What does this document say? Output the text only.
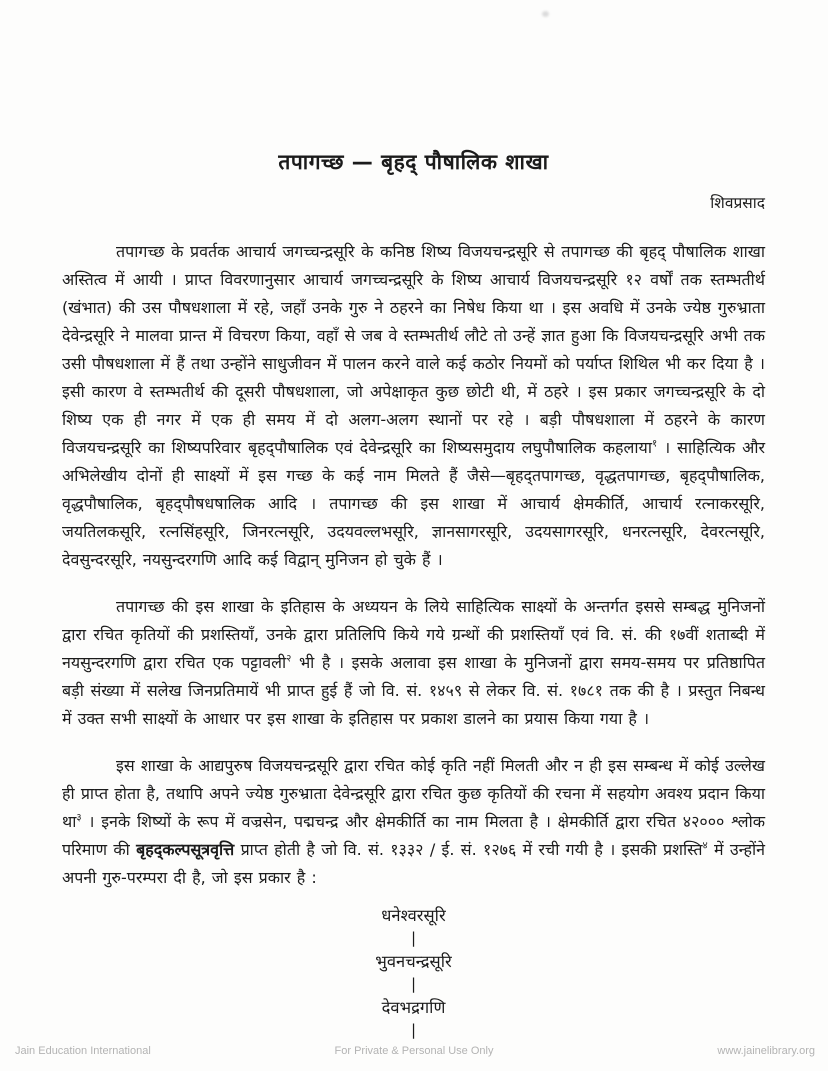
तपागच्छ — बृहद् पौषालिक शाखा
शिवप्रसाद

तपागच्छ के प्रवर्तक आचार्य जगच्चन्द्रसूरि के कनिष्ठ शिष्य विजयचन्द्रसूरि से तपागच्छ की बृहद् पौषालिक शाखा अस्तित्व में आयी । प्राप्त विवरणानुसार आचार्य जगच्चन्द्रसूरि के शिष्य आचार्य विजयचन्द्रसूरि १२ वर्षों तक स्तम्भतीर्थ (खंभात) की उस पौषधशाला में रहे, जहाँ उनके गुरु ने ठहरने का निषेध किया था । इस अवधि में उनके ज्येष्ठ गुरुभ्राता देवेन्द्रसूरि ने मालवा प्रान्त में विचरण किया, वहाँ से जब वे स्तम्भतीर्थ लौटे तो उन्हें ज्ञात हुआ कि विजयचन्द्रसूरि अभी तक उसी पौषधशाला में हैं तथा उन्होंने साधुजीवन में पालन करने वाले कई कठोर नियमों को पर्याप्त शिथिल भी कर दिया है । इसी कारण वे स्तम्भतीर्थ की दूसरी पौषधशाला, जो अपेक्षाकृत कुछ छोटी थी, में ठहरे । इस प्रकार जगच्चन्द्रसूरि के दो शिष्य एक ही नगर में एक ही समय में दो अलग-अलग स्थानों पर रहे । बड़ी पौषधशाला में ठहरने के कारण विजयचन्द्रसूरि का शिष्यपरिवार बृहद्पौषालिक एवं देवेन्द्रसूरि का शिष्यसमुदाय लघुपौषालिक कहलाया$^१$ । साहित्यिक और अभिलेखीय दोनों ही साक्ष्यों में इस गच्छ के कई नाम मिलते हैं जैसे—बृहद्तपागच्छ, वृद्धतपागच्छ, बृहद्पौषालिक, वृद्धपौषालिक, बृहद्पौषधषालिक आदि । तपागच्छ की इस शाखा में आचार्य क्षेमकीर्ति, आचार्य रत्नाकरसूरि, जयतिलकसूरि, रत्नसिंहसूरि, जिनरत्नसूरि, उदयवल्लभसूरि, ज्ञानसागरसूरि, उदयसागरसूरि, धनरत्नसूरि, देवरत्नसूरि, देवसुन्दरसूरि, नयसुन्दरगणि आदि कई विद्वान् मुनिजन हो चुके हैं ।

तपागच्छ की इस शाखा के इतिहास के अध्ययन के लिये साहित्यिक साक्ष्यों के अन्तर्गत इससे सम्बद्ध मुनिजनों द्वारा रचित कृतियों की प्रशस्तियाँ, उनके द्वारा प्रतिलिपि किये गये ग्रन्थों की प्रशस्तियाँ एवं वि. सं. की १७वीं शताब्दी में नयसुन्दरगणि द्वारा रचित एक पट्टावली$^२$ भी है । इसके अलावा इस शाखा के मुनिजनों द्वारा समय-समय पर प्रतिष्ठापित बड़ी संख्या में सलेख जिनप्रतिमायें भी प्राप्त हुई हैं जो वि. सं. १४५९ से लेकर वि. सं. १७८१ तक की है । प्रस्तुत निबन्ध में उक्त सभी साक्ष्यों के आधार पर इस शाखा के इतिहास पर प्रकाश डालने का प्रयास किया गया है ।

इस शाखा के आद्यपुरुष विजयचन्द्रसूरि द्वारा रचित कोई कृति नहीं मिलती और न ही इस सम्बन्ध में कोई उल्लेख ही प्राप्त होता है, तथापि अपने ज्येष्ठ गुरुभ्राता देवेन्द्रसूरि द्वारा रचित कुछ कृतियों की रचना में सहयोग अवश्य प्रदान किया था$^३$ । इनके शिष्यों के रूप में वज्रसेन, पद्मचन्द्र और क्षेमकीर्ति का नाम मिलता है । क्षेमकीर्ति द्वारा रचित ४२००० श्लोक परिमाण की बृहद्कल्पसूत्रवृत्ति प्राप्त होती है जो वि. सं. १३३२ / ई. सं. १२७६ में रची गयी है । इसकी प्रशस्ति$^४$ में उन्होंने अपनी गुरु-परम्परा दी है, जो इस प्रकार है :

धनेश्वरसूरि
|
भुवनचन्द्रसूरि
|
देवभद्रगणि
|
Jain Education International	For Private & Personal Use Only	www.jainelibrary.org
